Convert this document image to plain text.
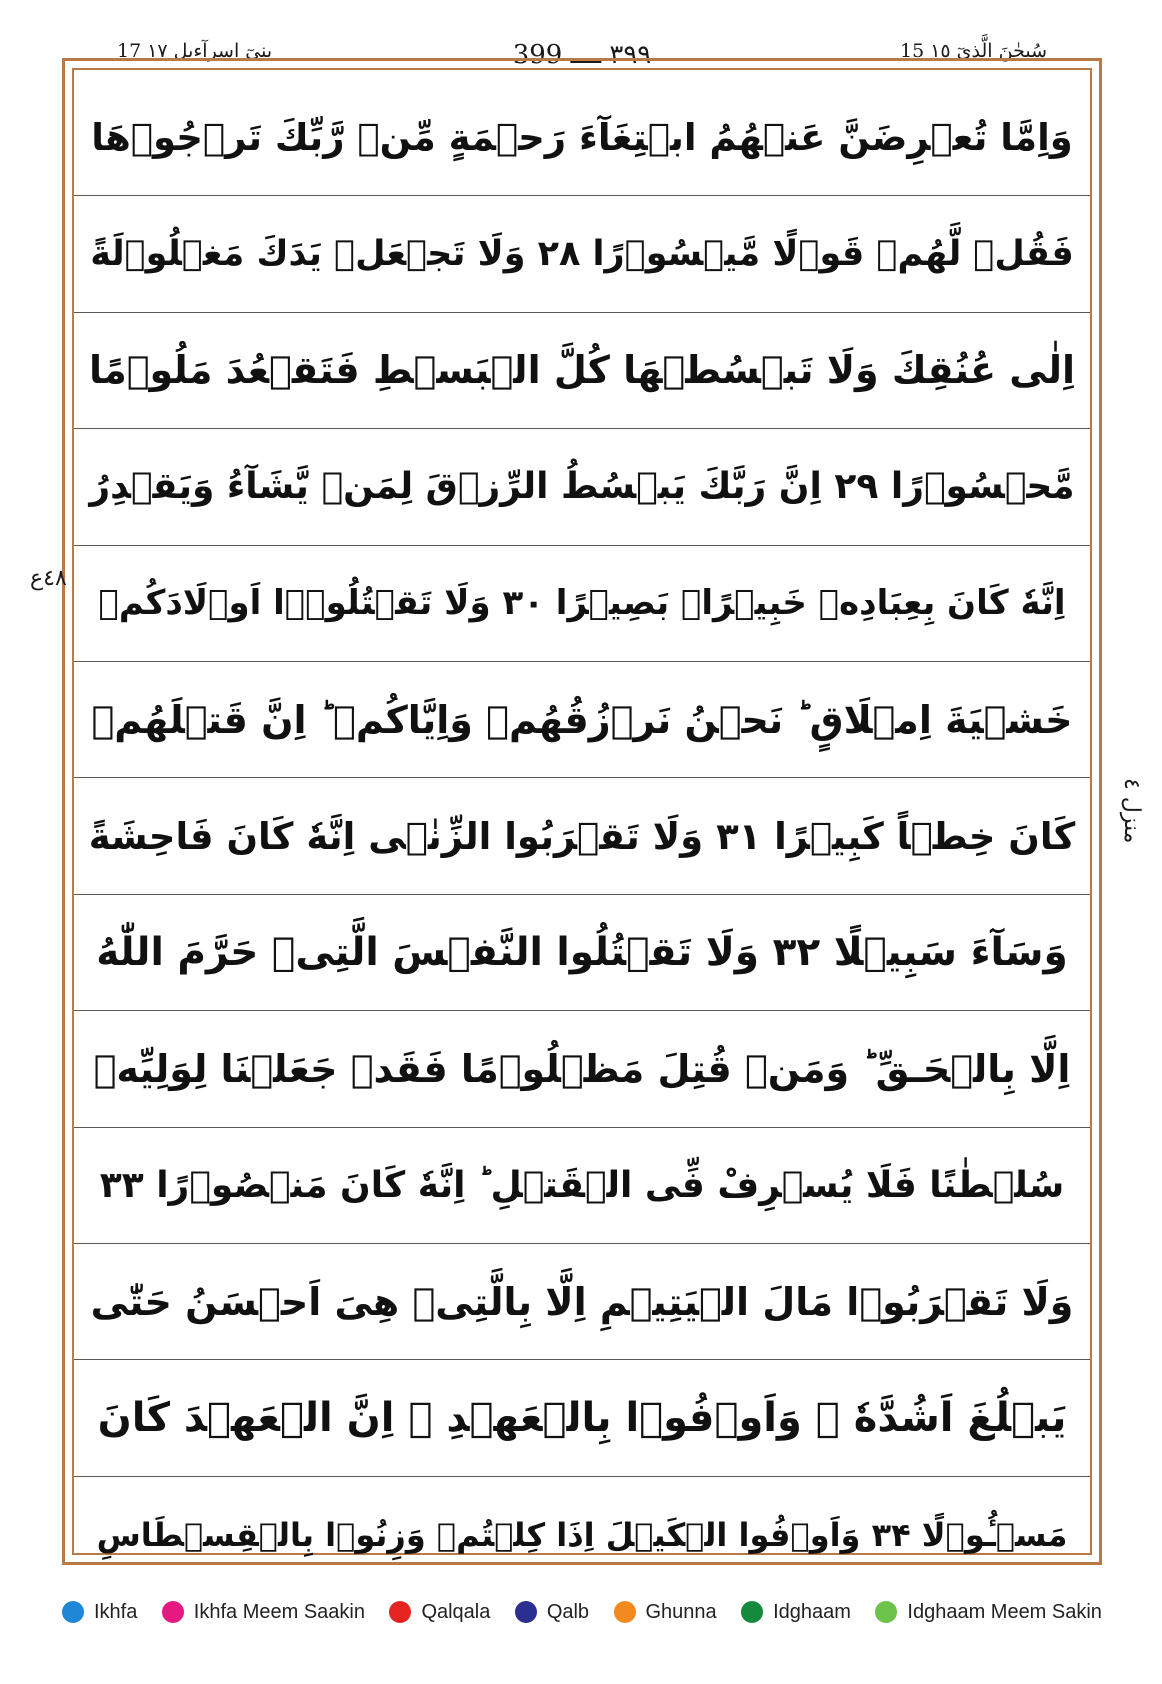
17 بنیٓ اسرآءیل ١٧	٣٩٩ ــــ 399	15 سُبحٰنَ الَّذِیٓ ١٥
٤٨ع
منزل ٤
وَاِمَّا تُعۡرِضَنَّ عَنۡهُمُ ابۡتِغَآءَ رَحۡمَةٍ مِّنۡ رَّبِّكَ تَرۡجُوۡهَا
فَقُلۡ لَّهُمۡ قَوۡلًا مَّيۡسُوۡرًا ۲۸ وَلَا تَجۡعَلۡ يَدَكَ مَغۡلُوۡلَةً
اِلٰى عُنُقِكَ وَلَا تَبۡسُطۡهَا كُلَّ الۡبَسۡطِ فَتَقۡعُدَ مَلُوۡمًا
مَّحۡسُوۡرًا ۲۹ اِنَّ رَبَّكَ يَبۡسُطُ الرِّزۡقَ لِمَنۡ يَّشَآءُ وَيَقۡدِرُ
اِنَّهٗ كَانَ بِعِبَادِهٖ خَبِيۡرًاۢ بَصِيۡرًا ۳۰ وَلَا تَقۡتُلُوۡۤا اَوۡلَادَكُمۡ
خَشۡيَةَ اِمۡلَاقٍ ؕ نَحۡنُ نَرۡزُقُهُمۡ وَاِيَّاكُمۡ ؕ اِنَّ قَتۡلَهُمۡ
كَانَ خِطۡاً كَبِيۡرًا ۳۱ وَلَا تَقۡرَبُوا الزِّنٰۤى اِنَّهٗ كَانَ فَاحِشَةً
وَسَآءَ سَبِيۡلًا ۳۲ وَلَا تَقۡتُلُوا النَّفۡسَ الَّتِىۡ حَرَّمَ اللّٰهُ
اِلَّا بِالۡحَـقِّ ؕ وَمَنۡ قُتِلَ مَظۡلُوۡمًا فَقَدۡ جَعَلۡنَا لِوَلِيِّهٖ
سُلۡطٰنًا فَلَا يُسۡرِفْ فِّى الۡقَتۡلِ ؕ اِنَّهٗ كَانَ مَنۡصُوۡرًا ۳۳
وَلَا تَقۡرَبُوۡا مَالَ الۡيَتِيۡمِ اِلَّا بِالَّتِىۡ هِىَ اَحۡسَنُ حَتّٰى
يَبۡلُغَ اَشُدَّهٗ ۖ وَاَوۡفُوۡا بِالۡعَهۡدِ ۚ اِنَّ الۡعَهۡدَ كَانَ
مَسۡـُٔوۡلًا ۳۴ وَاَوۡفُوا الۡكَيۡلَ اِذَا كِلۡتُمۡ وَزِنُوۡا بِالۡقِسۡطَاسِ
Ikhfa	Ikhfa Meem Saakin	Qalqala	Qalb	Ghunna	Idghaam	Idghaam Meem Sakin
